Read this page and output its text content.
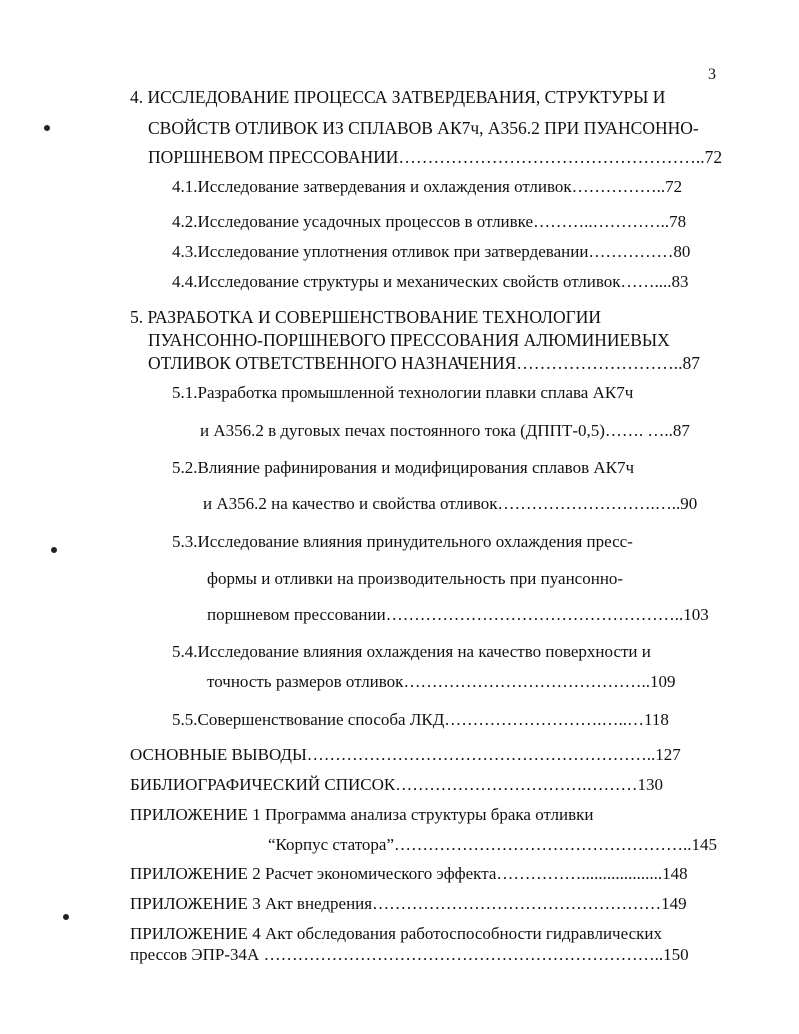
3
4. ИССЛЕДОВАНИЕ ПРОЦЕССА ЗАТВЕРДЕВАНИЯ, СТРУКТУРЫ И
СВОЙСТВ ОТЛИВОК ИЗ СПЛАВОВ АК7ч, А356.2 ПРИ ПУАНСОННО-
ПОРШНЕВОМ ПРЕССОВАНИИ……………………………………………..72
4.1.Исследование затвердевания и охлаждения отливок……………..72
4.2.Исследование усадочных процессов в отливке………..…………..78
4.3.Исследование уплотнения отливок при затвердевании……………80
4.4.Исследование структуры и механических свойств отливок……....83
5. РАЗРАБОТКА И СОВЕРШЕНСТВОВАНИЕ ТЕХНОЛОГИИ
ПУАНСОННО-ПОРШНЕВОГО ПРЕССОВАНИЯ АЛЮМИНИЕВЫХ
ОТЛИВОК ОТВЕТСТВЕННОГО НАЗНАЧЕНИЯ………………………..87
5.1.Разработка промышленной технологии плавки сплава АК7ч
и А356.2 в дуговых печах постоянного тока (ДППТ-0,5)……. …..87
5.2.Влияние рафинирования и модифицирования сплавов АК7ч
и А356.2 на качество и свойства отливок……………………….…..90
5.3.Исследование влияния принудительного охлаждения пресс-
формы и отливки на производительность при пуансонно-
поршневом прессовании……………………………………………..103
5.4.Исследование влияния охлаждения на качество поверхности и
точность размеров отливок……………………………………..109
5.5.Совершенствование способа ЛКД……………………….…..…118
ОСНОВНЫЕ ВЫВОДЫ……………………………………………………..127
БИБЛИОГРАФИЧЕСКИЙ СПИСОК…………………………….………130
ПРИЛОЖЕНИЕ 1 Программа анализа структуры брака отливки
“Корпус статора”……………………………………………..145
ПРИЛОЖЕНИЕ 2 Расчет экономического эффекта……………...................148
ПРИЛОЖЕНИЕ 3 Акт внедрения……………………………………………149
ПРИЛОЖЕНИЕ 4 Акт обследования работоспособности гидравлических
прессов ЭПР-34А ……………………………………………………………..150
